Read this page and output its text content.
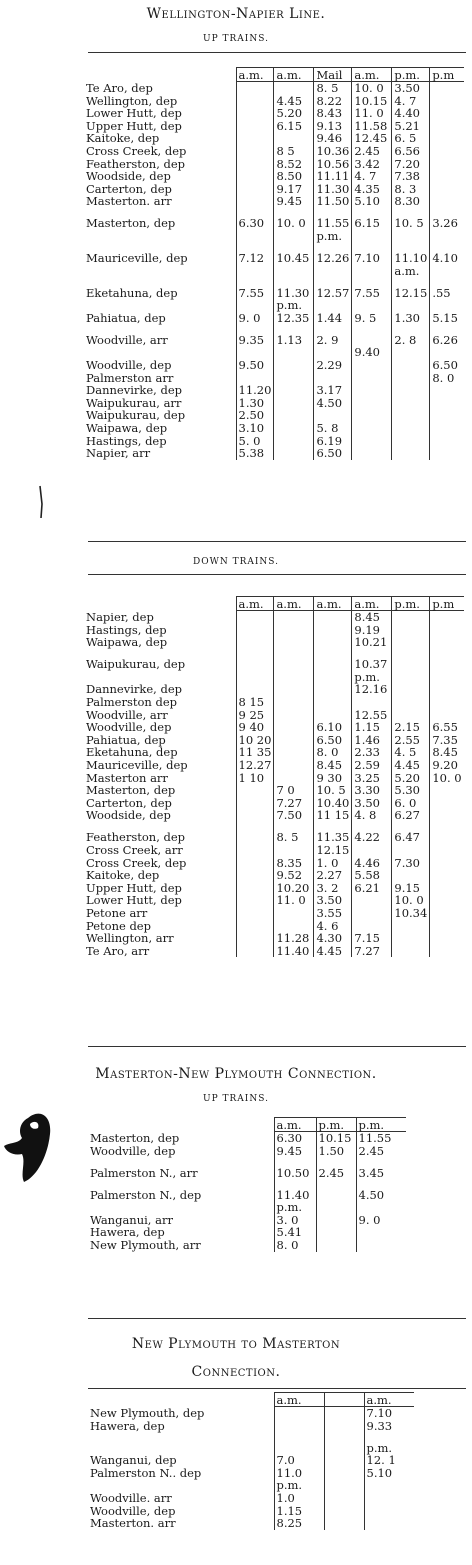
Wellington-Napier Line.
UP TRAINS.
	a.m.	a.m.	Mail	a.m.	p.m.	p.m
Te Aro, dep			8. 5	10. 0	3.50	
Wellington, dep		4.45	8.22	10.15	4. 7	
Lower Hutt, dep		5.20	8.43	11. 0	4.40	
Upper Hutt, dep		6.15	9.13	11.58	5.21	
Kaitoke, dep			9.46	12.45	6. 5	
Cross Creek, dep		8 5	10.36	2.45	6.56	
Featherston, dep		8.52	10.56	3.42	7.20	
Woodside, dep		8.50	11.11	4. 7	7.38	
Carterton, dep		9.17	11.30	4.35	8. 3	
Masterton. arr		9.45	11.50	5.10	8.30	
Masterton, dep	6.30	10. 0	11.55	6.15	10. 5	3.26
			p.m.			
Mauriceville, dep	7.12	10.45	12.26	7.10	11.10	4.10
					a.m.	
Eketahuna, dep	7.55	11.30	12.57	7.55	12.15	.55
		p.m.				
Pahiatua, dep	9. 0	12.35	1.44	9. 5	1.30	5.15
Woodville, arr	9.35	1.13	2. 9		2. 8	6.26
				9.40		
Woodville, dep	9.50		2.29			6.50
Palmerston arr						8. 0
Dannevirke, dep	11.20		3.17			
Waipukurau, arr	1.30		4.50			
Waipukurau, dep	2.50					
Waipawa, dep	3.10		5. 8			
Hastings, dep	5. 0		6.19			
Napier, arr	5.38		6.50			
DOWN TRAINS.
	a.m.	a.m.	a.m.	a.m.	p.m.	p.m
Napier, dep				8.45		
Hastings, dep				9.19		
Waipawa, dep				10.21		
Waipukurau, dep				10.37		
				p.m.		
Dannevirke, dep				12.16		
Palmerston dep	8 15					
Woodville, arr	9 25			12.55		
Woodville, dep	9 40		6.10	1.15	2.15	6.55
Pahiatua, dep	10 20		6.50	1.46	2.55	7.35
Eketahuna, dep	11 35		8. 0	2.33	4. 5	8.45
Mauriceville, dep	12.27		8.45	2.59	4.45	9.20
Masterton arr	1 10		9 30	3.25	5.20	10. 0
Masterton, dep		7 0	10. 5	3.30	5.30	
Carterton, dep		7.27	10.40	3.50	6. 0	
Woodside, dep		7.50	11 15	4. 8	6.27	
Featherston, dep		8. 5	11.35	4.22	6.47	
Cross Creek, arr			12.15			
Cross Creek, dep		8.35	1. 0	4.46	7.30	
Kaitoke, dep		9.52	2.27	5.58		
Upper Hutt, dep		10.20	3. 2	6.21	9.15	
Lower Hutt, dep		11. 0	3.50		10. 0	
Petone arr			3.55		10.34	
Petone dep			4. 6			
Wellington, arr		11.28	4.30	7.15		
Te Aro, arr		11.40	4.45	7.27		
Masterton-New Plymouth Connection.
UP TRAINS.
	a.m.	p.m.	p.m.
Masterton, dep	6.30	10.15	11.55
Woodville, dep	9.45	1.50	2.45
Palmerston N., arr	10.50	2.45	3.45
Palmerston N., dep	11.40		4.50
	p.m.		
Wanganui, arr	3. 0		9. 0
Hawera, dep	5.41		
New Plymouth, arr	8. 0		
New Plymouth to Masterton
Connection.
	a.m.		a.m.
New Plymouth, dep			7.10
Hawera, dep			9.33
			p.m.
Wanganui, dep	7.0		12. 1
Palmerston N.. dep	11.0		5.10
	p.m.		
Woodville. arr	1.0		
Woodville, dep	1.15		
Masterton. arr	8.25		
